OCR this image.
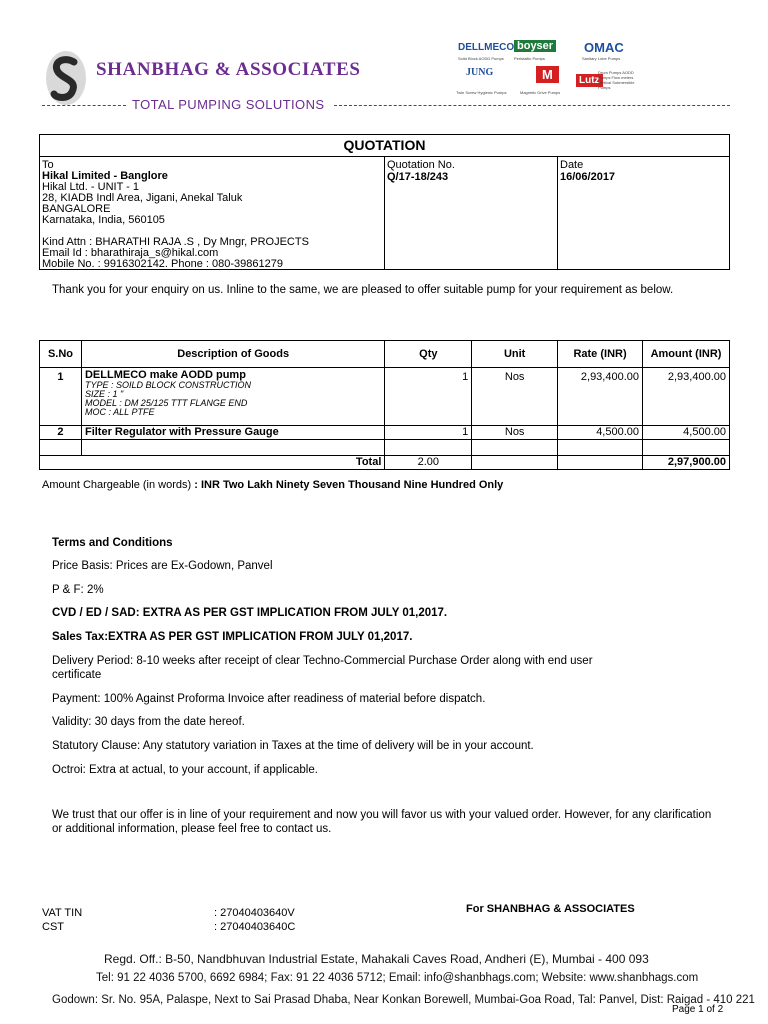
SHANBHAG & ASSOCIATES
TOTAL PUMPING SOLUTIONS
DELLMECO
Solid Block AODD Pumps
boyser
Peristaltic Pumps
OMAC
Sanitary Lobe Pumps
JUNG
Twin Screw Hygienic Pumps
M
Magnetic Drive Pumps
Lutz
Drum Pumps AODD Pumps Flow meters Vertical Submersible Pumps
QUOTATION
To
Hikal Limited - Banglore
Hikal Ltd. - UNIT - 1
28, KIADB Indl Area, Jigani, Anekal Taluk
BANGALORE
Karnataka, India, 560105
Kind Attn : BHARATHI RAJA .S , Dy Mngr, PROJECTS
Email Id : bharathiraja_s@hikal.com
Mobile No. : 9916302142. Phone : 080-39861279
Quotation No.
Q/17-18/243
Date
16/06/2017
Thank you for your enquiry on us. Inline to the same, we are pleased to offer suitable pump for your requirement as below.
S.No	Description of Goods	Qty	Unit	Rate (INR)	Amount (INR)
1	DELLMECO make AODD pump
TYPE : SOILD BLOCK CONSTRUCTION
SIZE : 1 "
MODEL : DM 25/125 TTT FLANGE END
MOC : ALL PTFE	1	Nos	2,93,400.00	2,93,400.00
2	Filter Regulator with Pressure Gauge	1	Nos	4,500.00	4,500.00

Total		2.00			2,97,900.00
Amount Chargeable (in words) : INR Two Lakh Ninety Seven Thousand Nine Hundred Only
Terms and Conditions
Price Basis: Prices are Ex-Godown, Panvel
P & F: 2%
CVD / ED / SAD: EXTRA AS PER GST IMPLICATION FROM JULY 01,2017.
Sales Tax:EXTRA AS PER GST IMPLICATION FROM JULY 01,2017.
Delivery Period: 8-10 weeks after receipt of clear Techno-Commercial Purchase Order along with end user
certificate
Payment: 100% Against Proforma Invoice after readiness of material before dispatch.
Validity: 30 days from the date hereof.
Statutory Clause: Any statutory variation in Taxes at the time of delivery will be in your account.
Octroi: Extra at actual, to your account, if applicable.
We trust that our offer is in line of your requirement and now you will favor us with your valued order. However, for any clarification or additional information, please feel free to contact us.
VAT TIN	: 27040403640V
CST	: 27040403640C
For SHANBHAG & ASSOCIATES
Regd. Off.: B-50, Nandbhuvan Industrial Estate, Mahakali Caves Road, Andheri (E), Mumbai - 400 093
Tel: 91 22 4036 5700, 6692 6984; Fax: 91 22 4036 5712; Email: info@shanbhags.com; Website: www.shanbhags.com
Godown: Sr. No. 95A, Palaspe, Next to Sai Prasad Dhaba, Near Konkan Borewell, Mumbai-Goa Road, Tal: Panvel, Dist: Raigad - 410 221
Page 1 of 2
